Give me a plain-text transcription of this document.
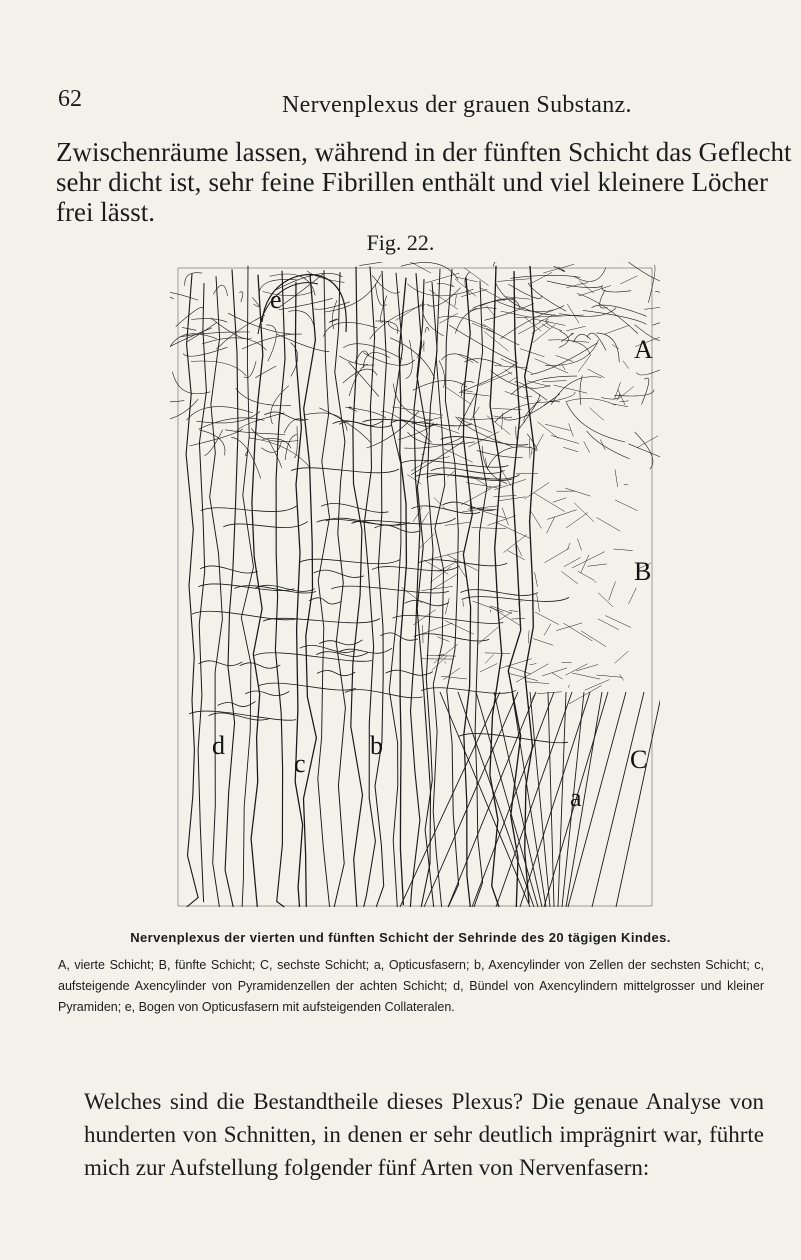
62	Nervenplexus der grauen Substanz.
Zwischenräume lassen, während in der fünften Schicht das Geflecht
sehr dicht ist, sehr feine Fibrillen enthält und viel kleinere Löcher
frei lässt.
Fig. 22.
e
A
B
C
d
c
b
a
Nervenplexus der vierten und fünften Schicht der Sehrinde des 20 tägigen Kindes.
A, vierte Schicht; B, fünfte Schicht; C, sechste Schicht; a, Opticusfasern; b, Axencylinder von Zellen der sechsten Schicht; c, aufsteigende Axencylinder von Pyramidenzellen der achten Schicht; d, Bündel von Axencylindern mittelgrosser und kleiner Pyramiden; e, Bogen von Opticusfasern mit aufsteigenden Collateralen.
Welches sind die Bestandtheile dieses Plexus? Die genaue Analyse von hunderten von Schnitten, in denen er sehr deutlich imprägnirt war, führte mich zur Aufstellung folgender fünf Arten von Nervenfasern:
